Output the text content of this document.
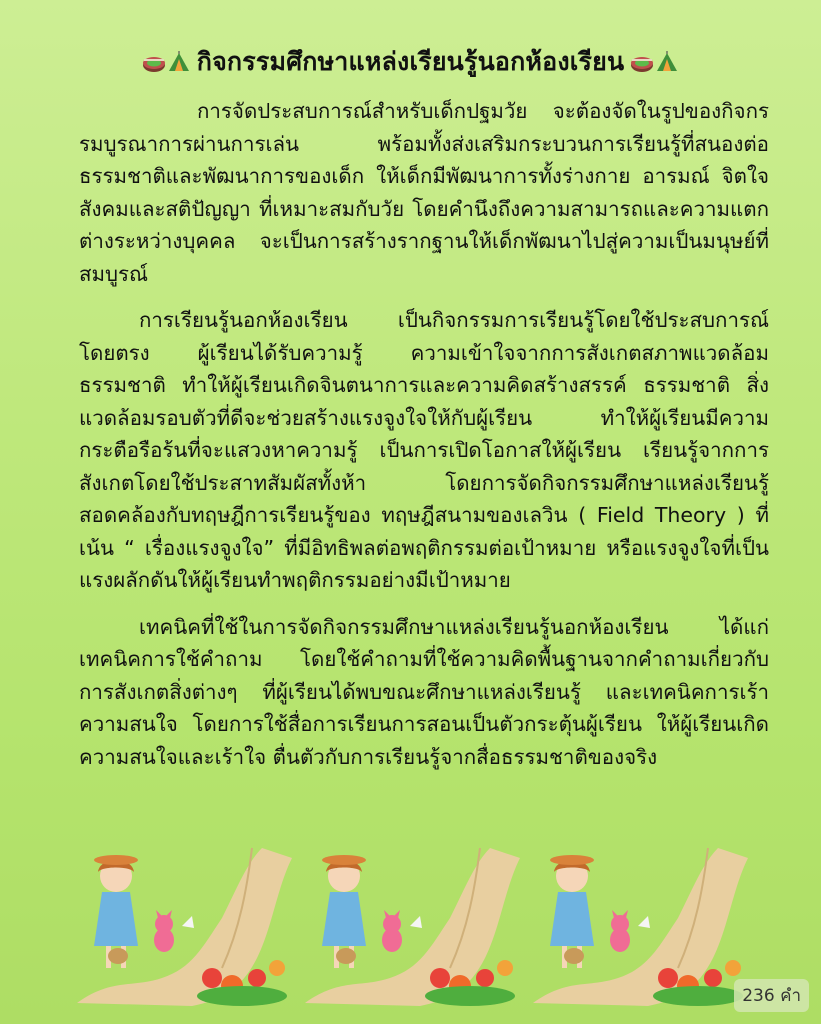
กิจกรรมศึกษาแหล่งเรียนรู้นอกห้องเรียน

การจัดประสบการณ์สำหรับเด็กปฐมวัย จะต้องจัดในรูปของกิจกรรมบูรณาการผ่านการเล่น พร้อมทั้งส่งเสริมกระบวนการเรียนรู้ที่สนองต่อธรรมชาติและพัฒนาการของเด็ก ให้เด็กมีพัฒนาการทั้งร่างกาย อารมณ์ จิตใจ สังคมและสติปัญญา ที่เหมาะสมกับวัย โดยคำนึงถึงความสามารถและความแตกต่างระหว่างบุคคล จะเป็นการสร้างรากฐานให้เด็กพัฒนาไปสู่ความเป็นมนุษย์ที่สมบูรณ์

การเรียนรู้นอกห้องเรียน เป็นกิจกรรมการเรียนรู้โดยใช้ประสบการณ์โดยตรง ผู้เรียนได้รับความรู้ ความเข้าใจจากการสังเกตสภาพแวดล้อม ธรรมชาติ ทำให้ผู้เรียนเกิดจินตนาการและความคิดสร้างสรรค์ ธรรมชาติ สิ่งแวดล้อมรอบตัวที่ดีจะช่วยสร้างแรงจูงใจให้กับผู้เรียน ทำให้ผู้เรียนมีความกระตือรือร้นที่จะแสวงหาความรู้ เป็นการเปิดโอกาสให้ผู้เรียน เรียนรู้จากการสังเกตโดยใช้ประสาทสัมผัสทั้งห้า โดยการจัดกิจกรรมศึกษาแหล่งเรียนรู้ สอดคล้องกับทฤษฎีการเรียนรู้ของ ทฤษฎีสนามของเลวิน ( Field Theory ) ที่เน้น “ เรื่องแรงจูงใจ” ที่มีอิทธิพลต่อพฤติกรรมต่อเป้าหมาย หรือแรงจูงใจที่เป็นแรงผลักดันให้ผู้เรียนทำพฤติกรรมอย่างมีเป้าหมาย

เทคนิคที่ใช้ในการจัดกิจกรรมศึกษาแหล่งเรียนรู้นอกห้องเรียน ได้แก่ เทคนิคการใช้คำถาม โดยใช้คำถามที่ใช้ความคิดพื้นฐานจากคำถามเกี่ยวกับการสังเกตสิ่งต่างๆ ที่ผู้เรียนได้พบขณะศึกษาแหล่งเรียนรู้ และเทคนิคการเร้าความสนใจ โดยการใช้สื่อการเรียนการสอนเป็นตัวกระตุ้นผู้เรียน ให้ผู้เรียนเกิดความสนใจและเร้าใจ ตื่นตัวกับการเรียนรู้จากสื่อธรรมชาติของจริง

236 คำ
